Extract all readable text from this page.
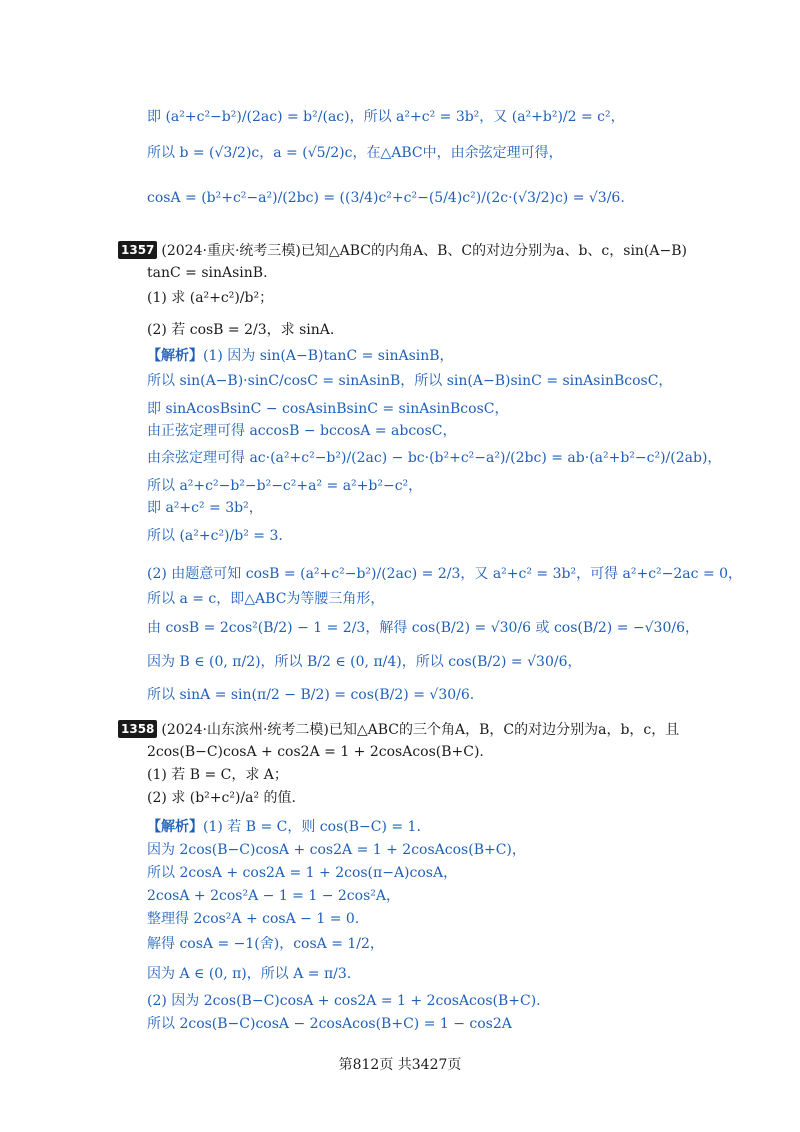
即 (a²+c²−b²)/(2ac) = b²/(ac)，所以 a²+c² = 3b²，又 (a²+b²)/2 = c²，
所以 b = (√3/2)c，a = (√5/2)c，在△ABC中，由余弦定理可得，
cosA = (b²+c²−a²)/(2bc) = ((3/4)c²+c²−(5/4)c²)/(2c·(√3/2)c) = √3/6.
1357 (2024·重庆·统考三模)已知△ABC的内角A、B、C的对边分别为a、b、c，sin(A−B)
tanC = sinAsinB.
(1) 求 (a²+c²)/b²；
(2) 若 cosB = 2/3，求 sinA.
【解析】(1) 因为 sin(A−B)tanC = sinAsinB，
所以 sin(A−B)·sinC/cosC = sinAsinB，所以 sin(A−B)sinC = sinAsinBcosC，
即 sinAcosBsinC − cosAsinBsinC = sinAsinBcosC，
由正弦定理可得 accosB − bccosA = abcosC，
由余弦定理可得 ac·(a²+c²−b²)/(2ac) − bc·(b²+c²−a²)/(2bc) = ab·(a²+b²−c²)/(2ab)，
所以 a²+c²−b²−b²−c²+a² = a²+b²−c²，
即 a²+c² = 3b²，
所以 (a²+c²)/b² = 3.
(2) 由题意可知 cosB = (a²+c²−b²)/(2ac) = 2/3，又 a²+c² = 3b²，可得 a²+c²−2ac = 0，
所以 a = c，即△ABC为等腰三角形，
由 cosB = 2cos²(B/2) − 1 = 2/3，解得 cos(B/2) = √30/6 或 cos(B/2) = −√30/6，
因为 B ∈ (0, π/2)，所以 B/2 ∈ (0, π/4)，所以 cos(B/2) = √30/6，
所以 sinA = sin(π/2 − B/2) = cos(B/2) = √30/6.
1358 (2024·山东滨州·统考二模)已知△ABC的三个角A，B，C的对边分别为a，b，c，且
2cos(B−C)cosA + cos2A = 1 + 2cosAcos(B+C).
(1) 若 B = C，求 A；
(2) 求 (b²+c²)/a² 的值.
【解析】(1) 若 B = C，则 cos(B−C) = 1.
因为 2cos(B−C)cosA + cos2A = 1 + 2cosAcos(B+C)，
所以 2cosA + cos2A = 1 + 2cos(π−A)cosA，
2cosA + 2cos²A − 1 = 1 − 2cos²A，
整理得 2cos²A + cosA − 1 = 0.
解得 cosA = −1(舍)，cosA = 1/2，
因为 A ∈ (0, π)，所以 A = π/3.
(2) 因为 2cos(B−C)cosA + cos2A = 1 + 2cosAcos(B+C).
所以 2cos(B−C)cosA − 2cosAcos(B+C) = 1 − cos2A
第812页 共3427页
